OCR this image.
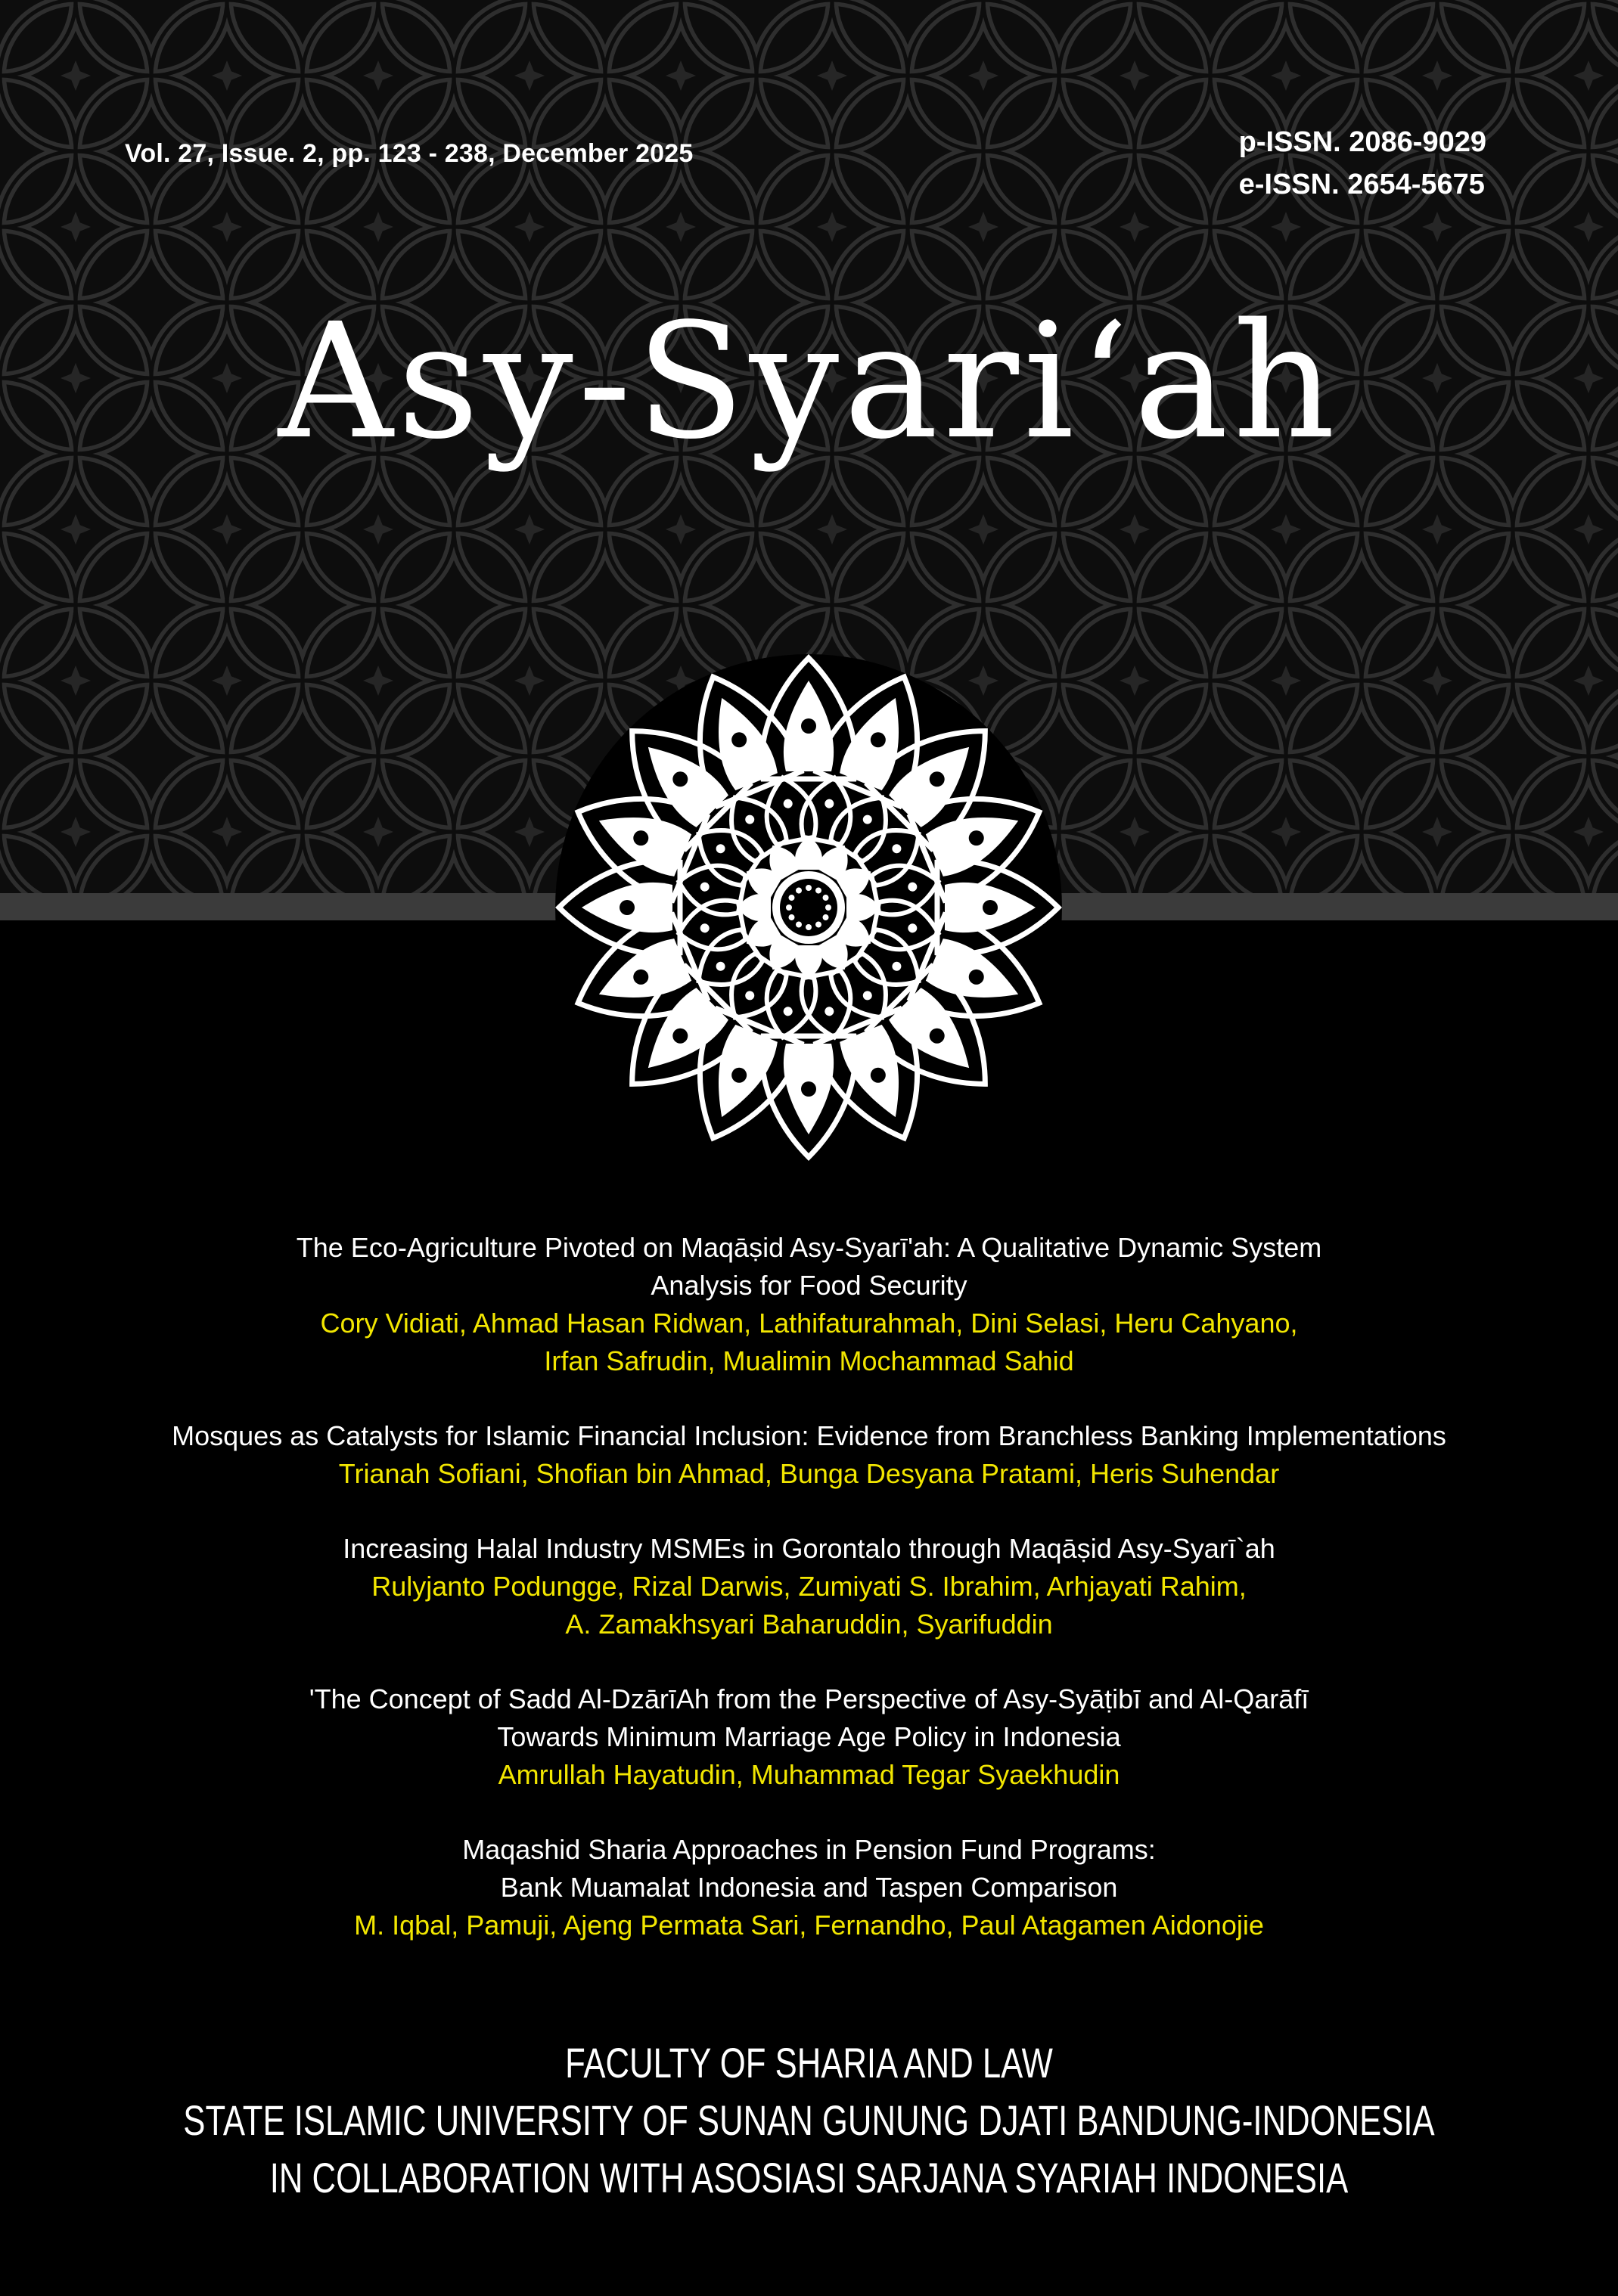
Vol. 27, Issue. 2, pp. 123 - 238, December 2025	p-ISSN. 2086-9029
e-ISSN. 2654-5675
Asy-Syari‘ah
The Eco-Agriculture Pivoted on Maqāṣid Asy-Syarī'ah: A Qualitative Dynamic System
Analysis for Food Security
Cory Vidiati, Ahmad Hasan Ridwan, Lathifaturahmah, Dini Selasi, Heru Cahyano,
Irfan Safrudin, Mualimin Mochammad Sahid
Mosques as Catalysts for Islamic Financial Inclusion: Evidence from Branchless Banking Implementations
Trianah Sofiani, Shofian bin Ahmad, Bunga Desyana Pratami, Heris Suhendar
Increasing Halal Industry MSMEs in Gorontalo through Maqāṣid Asy-Syarī`ah
Rulyjanto Podungge, Rizal Darwis, Zumiyati S. Ibrahim, Arhjayati Rahim,
A. Zamakhsyari Baharuddin, Syarifuddin
'The Concept of Sadd Al-DzārīAh from the Perspective of Asy-Syāṭibī and Al-Qarāfī
Towards Minimum Marriage Age Policy in Indonesia
Amrullah Hayatudin, Muhammad Tegar Syaekhudin
Maqashid Sharia Approaches in Pension Fund Programs:
Bank Muamalat Indonesia and Taspen Comparison
M. Iqbal, Pamuji, Ajeng Permata Sari, Fernandho, Paul Atagamen Aidonojie
FACULTY OF SHARIA AND LAW
STATE ISLAMIC UNIVERSITY OF SUNAN GUNUNG DJATI BANDUNG-INDONESIA
IN COLLABORATION WITH ASOSIASI SARJANA SYARIAH INDONESIA
